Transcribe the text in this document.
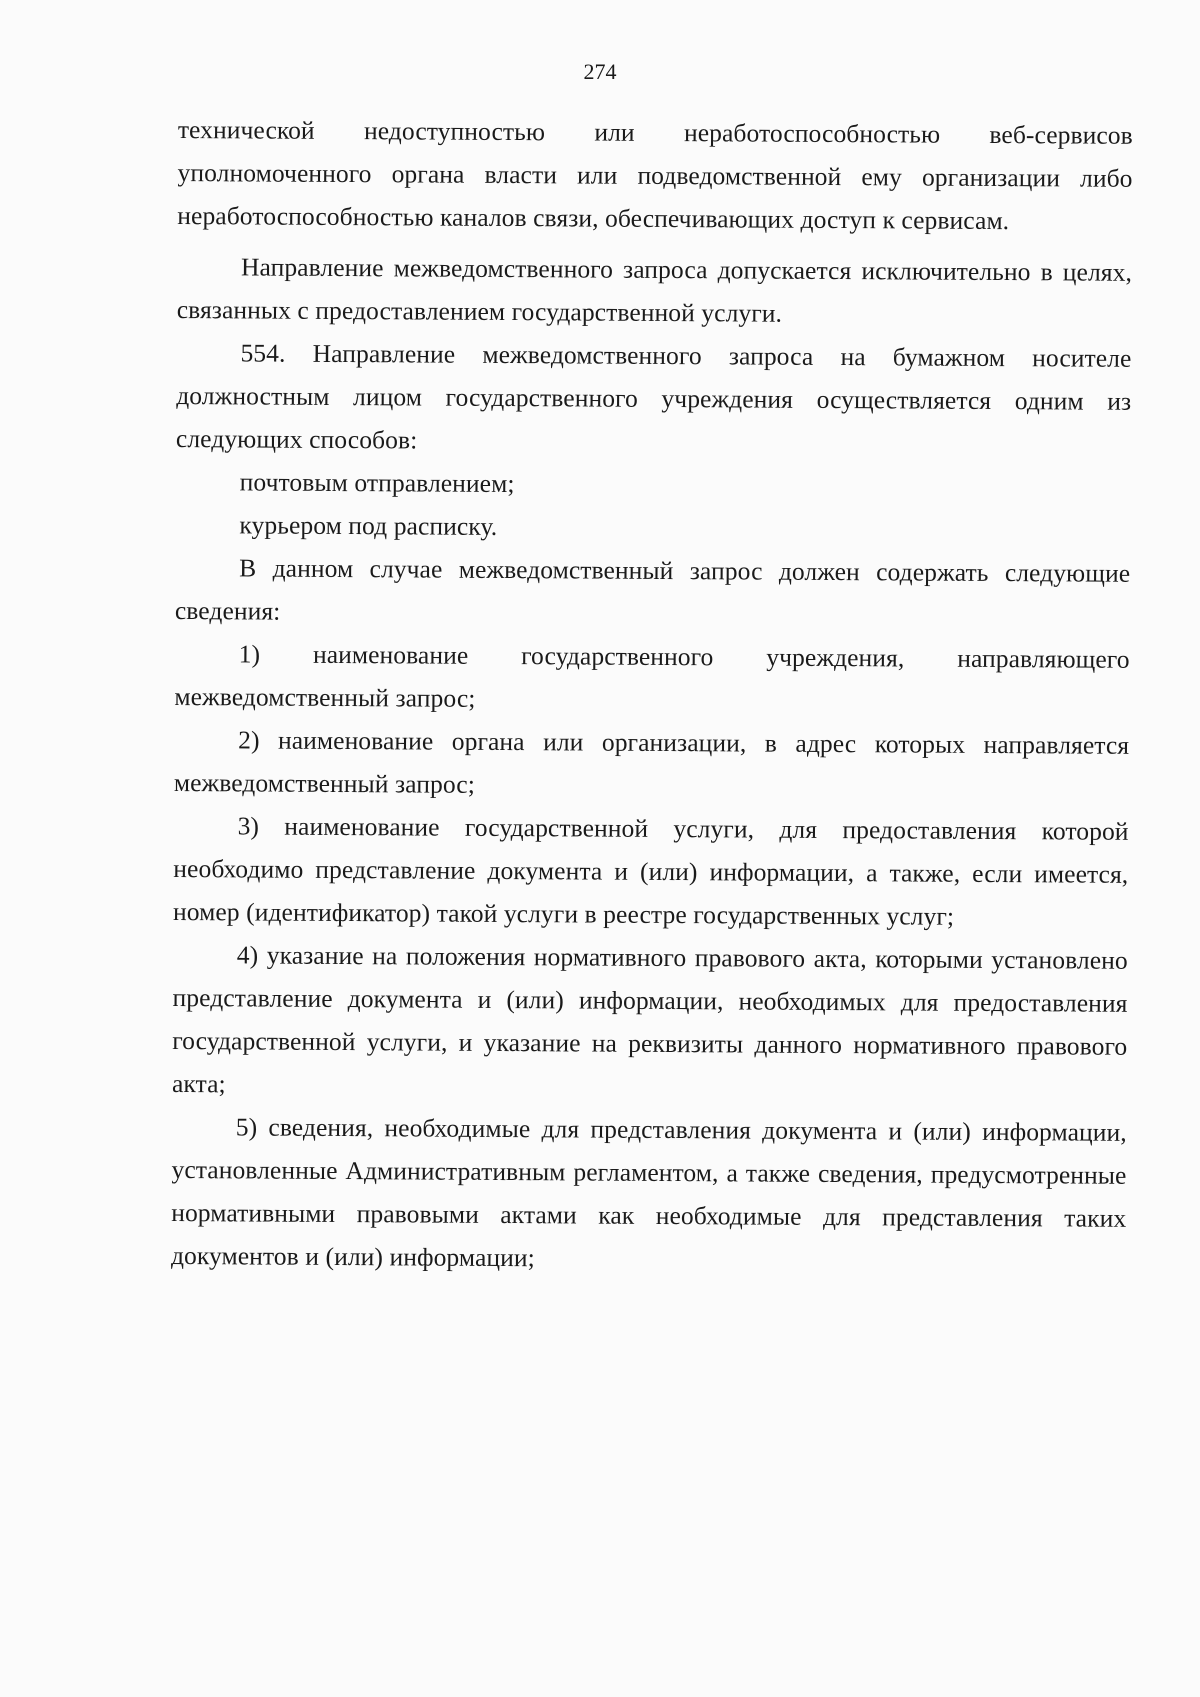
274

технической недоступностью или неработоспособностью веб-сервисов уполномоченного органа власти или подведомственной ему организации либо неработоспособностью каналов связи, обеспечивающих доступ к сервисам.

Направление межведомственного запроса допускается исключительно в целях, связанных с предоставлением государственной услуги.

554. Направление межведомственного запроса на бумажном носителе должностным лицом государственного учреждения осуществляется одним из следующих способов:

почтовым отправлением;

курьером под расписку.

В данном случае межведомственный запрос должен содержать следующие сведения:

1) наименование государственного учреждения, направляющего межведомственный запрос;

2) наименование органа или организации, в адрес которых направляется межведомственный запрос;

3) наименование государственной услуги, для предоставления которой необходимо представление документа и (или) информации, а также, если имеется, номер (идентификатор) такой услуги в реестре государственных услуг;

4) указание на положения нормативного правового акта, которыми установлено представление документа и (или) информации, необходимых для предоставления государственной услуги, и указание на реквизиты данного нормативного правового акта;

5) сведения, необходимые для представления документа и (или) информации, установленные Административным регламентом, а также сведения, предусмотренные нормативными правовыми актами как необходимые для представления таких документов и (или) информации;
